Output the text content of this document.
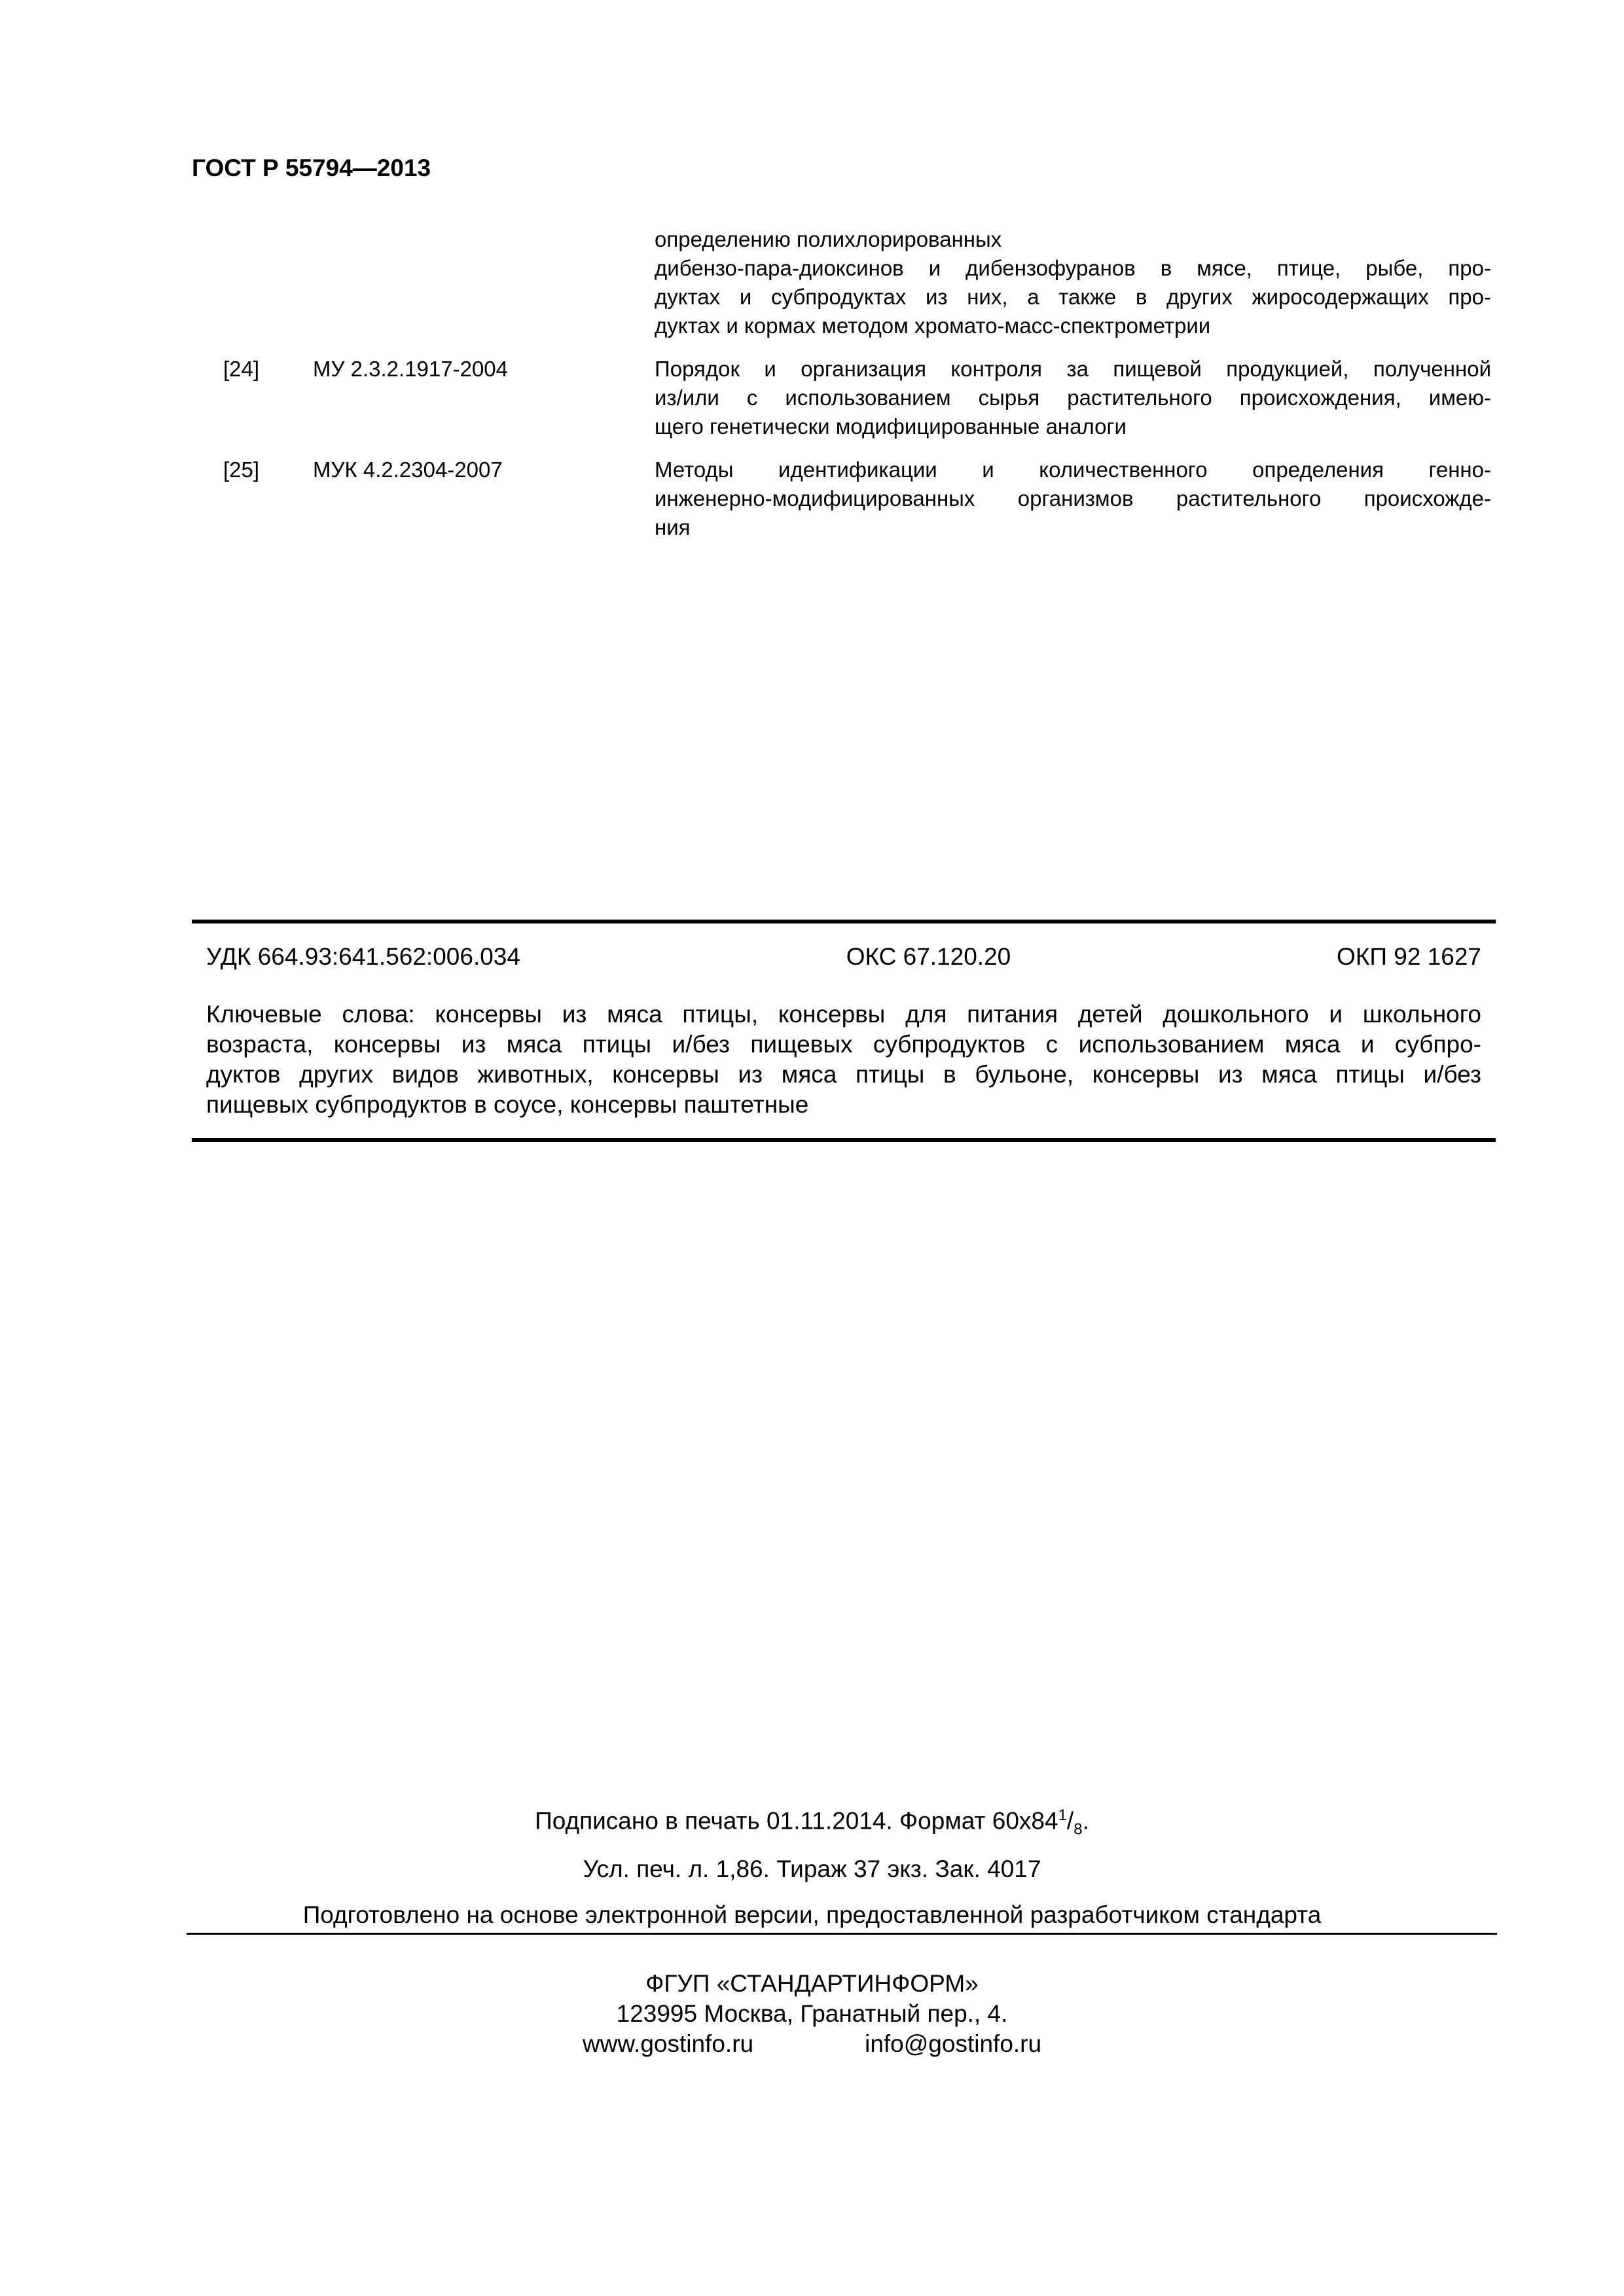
ГОСТ Р 55794—2013
определению полихлорированных
дибензо-пара-диоксинов и дибензофуранов в мясе, птице, рыбе, про-
дуктах и субпродуктах из них, а также в других жиросодержащих про-
дуктах и кормах методом хромато-масс-спектрометрии
[24] МУ 2.3.2.1917-2004	Порядок и организация контроля за пищевой продукцией, полученной
из/или с использованием сырья растительного происхождения, имею-
щего генетически модифицированные аналоги
[25] МУК 4.2.2304-2007	Методы идентификации и количественного определения генно-
инженерно-модифицированных организмов растительного происхожде-
ния
УДК 664.93:641.562:006.034	ОКС 67.120.20	ОКП 92 1627
Ключевые слова: консервы из мяса птицы, консервы для питания детей дошкольного и школьного
возраста, консервы из мяса птицы и/без пищевых субпродуктов с использованием мяса и субпро-
дуктов других видов животных, консервы из мяса птицы в бульоне, консервы из мяса птицы и/без
пищевых субпродуктов в соусе, консервы паштетные
Подписано в печать 01.11.2014. Формат $60x84^1/_8$.
Усл. печ. л. 1,86. Тираж 37 экз. Зак. 4017
Подготовлено на основе электронной версии, предоставленной разработчиком стандарта
ФГУП «СТАНДАРТИНФОРМ»
123995 Москва, Гранатный пер., 4.
www.gostinfo.ru	info@gostinfo.ru
